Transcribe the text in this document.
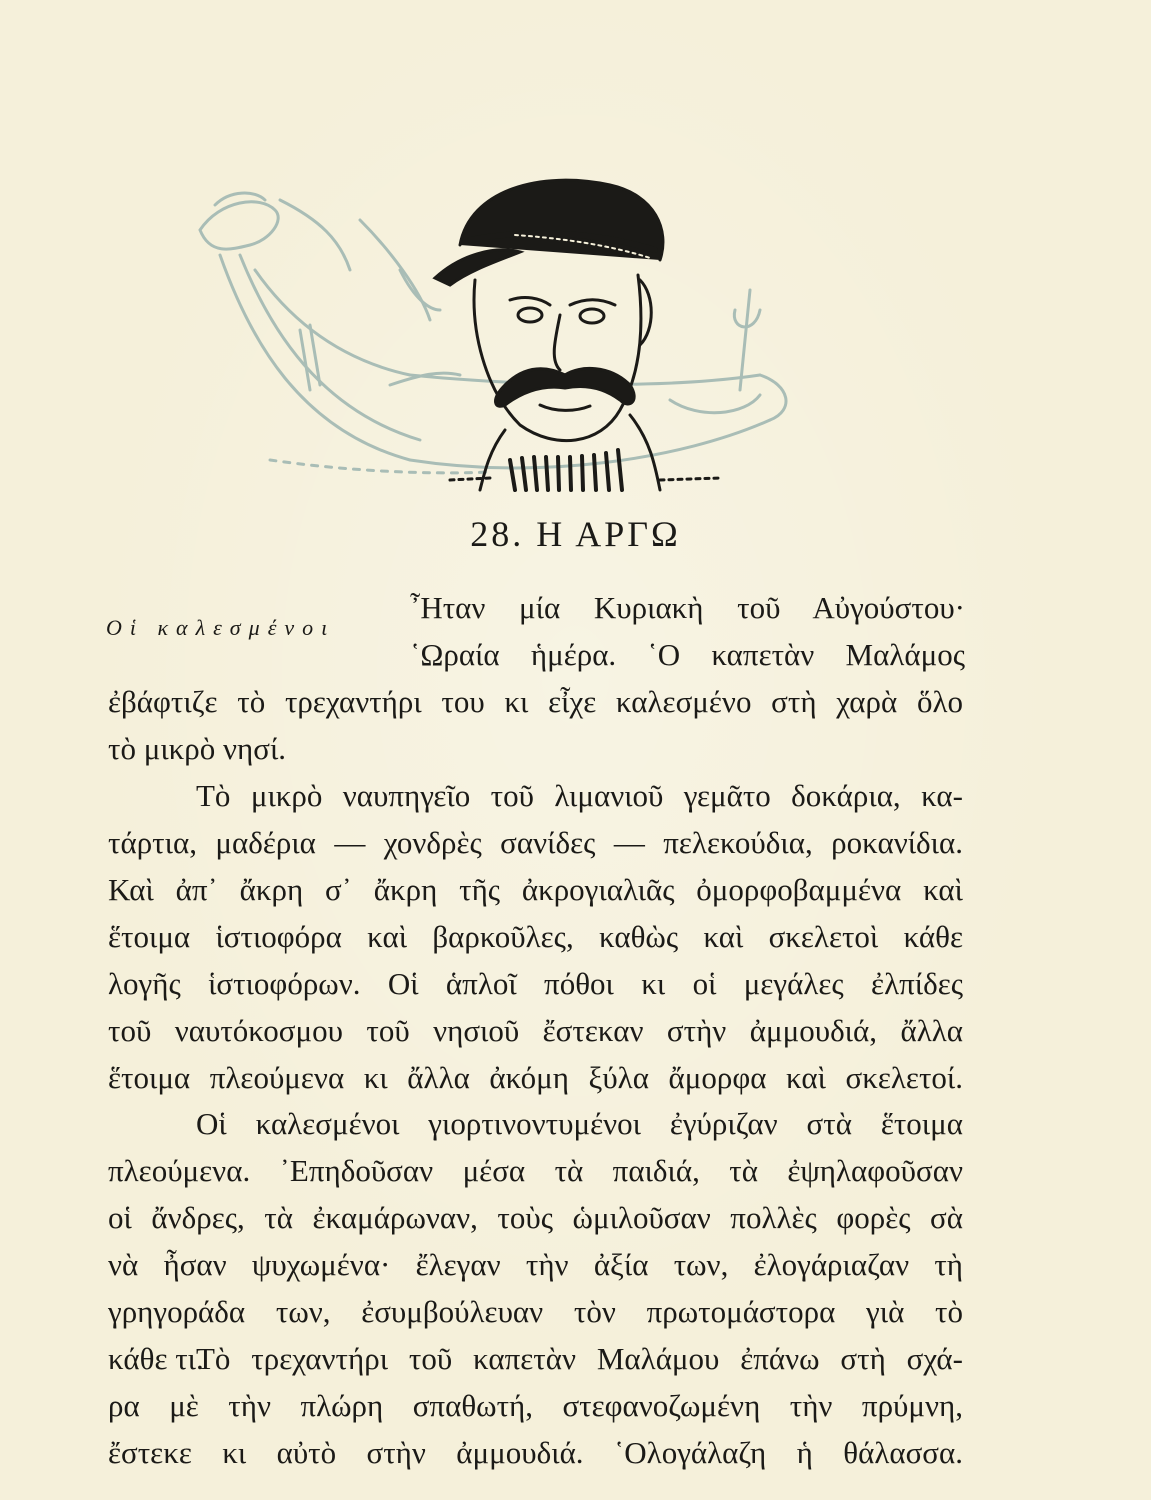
28. Η ΑΡΓΩ
Οἱ καλεσμένοι
῏Ηταν μία Κυριακὴ τοῦ Αὐγούστου·
῾Ωραία ἡμέρα. ῾Ο καπετὰν Μαλάμος
ἐβάφτιζε τὸ τρεχαντήρι του κι εἶχε καλεσμένο στὴ χαρὰ ὅλο
τὸ μικρὸ νησί.
Τὸ μικρὸ ναυπηγεῖο τοῦ λιμανιοῦ γεμᾶτο δοκάρια, κα-
τάρτια, μαδέρια — χονδρὲς σανίδες — πελεκούδια, ροκανίδια.
Καὶ ἀπ᾿ ἄκρη σ᾿ ἄκρη τῆς ἀκρογιαλιᾶς ὀμορφοβαμμένα καὶ
ἕτοιμα ἱστιοφόρα καὶ βαρκοῦλες, καθὼς καὶ σκελετοὶ κάθε
λογῆς ἱστιοφόρων. Οἱ ἁπλοῖ πόθοι κι οἱ μεγάλες ἐλπίδες
τοῦ ναυτόκοσμου τοῦ νησιοῦ ἔστεκαν στὴν ἀμμουδιά, ἄλλα
ἕτοιμα πλεούμενα κι ἄλλα ἀκόμη ξύλα ἄμορφα καὶ σκελετοί.
Οἱ καλεσμένοι γιορτινοντυμένοι ἐγύριζαν στὰ ἕτοιμα
πλεούμενα. ᾿Επηδοῦσαν μέσα τὰ παιδιά, τὰ ἐψηλαφοῦσαν
οἱ ἄνδρες, τὰ ἐκαμάρωναν, τοὺς ὡμιλοῦσαν πολλὲς φορὲς σὰ
νὰ ἦσαν ψυχωμένα· ἔλεγαν τὴν ἀξία των, ἐλογάριαζαν τὴ
γρηγοράδα των, ἐσυμβούλευαν τὸν πρωτομάστορα γιὰ τὸ
κάθε τι.
Τὸ τρεχαντήρι τοῦ καπετὰν Μαλάμου ἐπάνω στὴ σχά-
ρα μὲ τὴν πλώρη σπαθωτή, στεφανοζωμένη τὴν πρύμνη,
ἔστεκε κι αὐτὸ στὴν ἀμμουδιά. ῾Ολογάλαζη ἡ θάλασσα.
